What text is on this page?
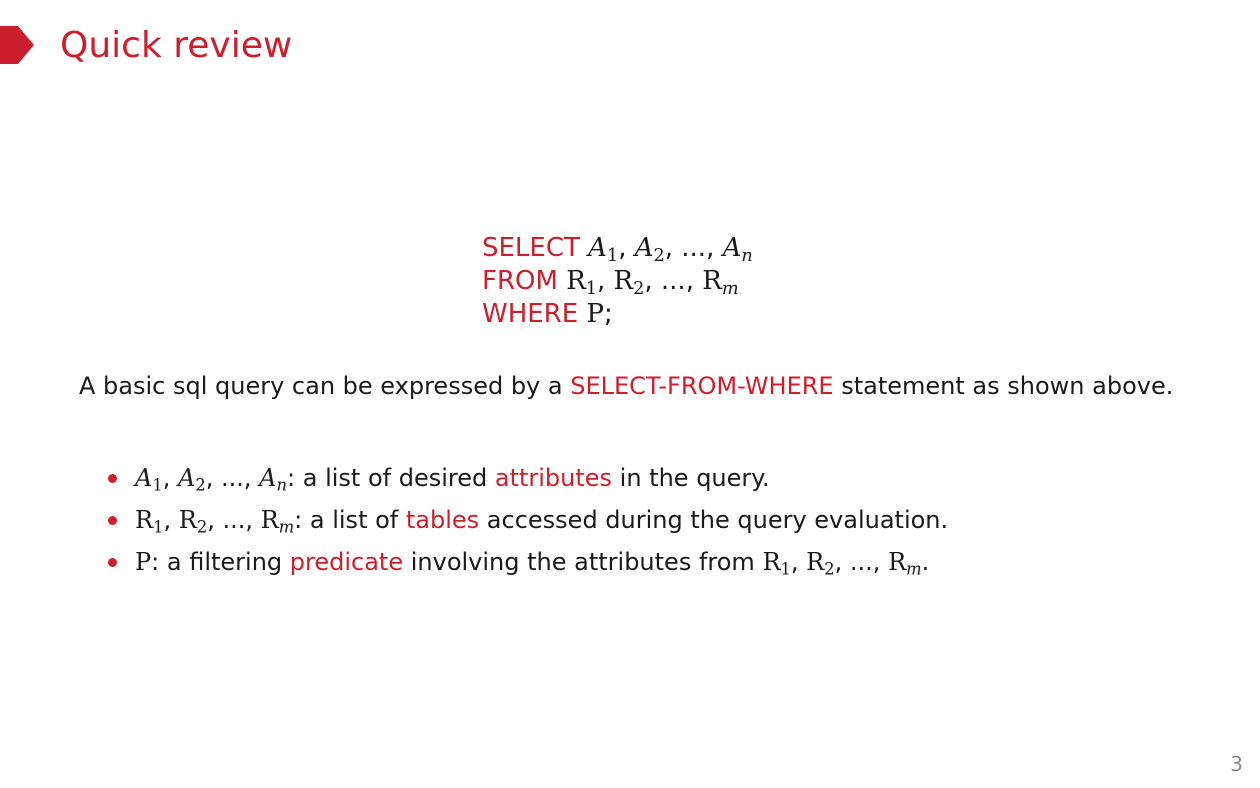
Quick review
SELECT $A_1$, $A_2$, ..., $A_n$
FROM $R_1$, $R_2$, ..., $R_m$
WHERE P;
A basic sql query can be expressed by a SELECT-FROM-WHERE statement as shown above.
$A_1$, $A_2$, ..., $A_n$: a list of desired attributes in the query.
$R_1$, $R_2$, ..., $R_m$: a list of tables accessed during the query evaluation.
P: a filtering predicate involving the attributes from $R_1$, $R_2$, ..., $R_m$.
3
